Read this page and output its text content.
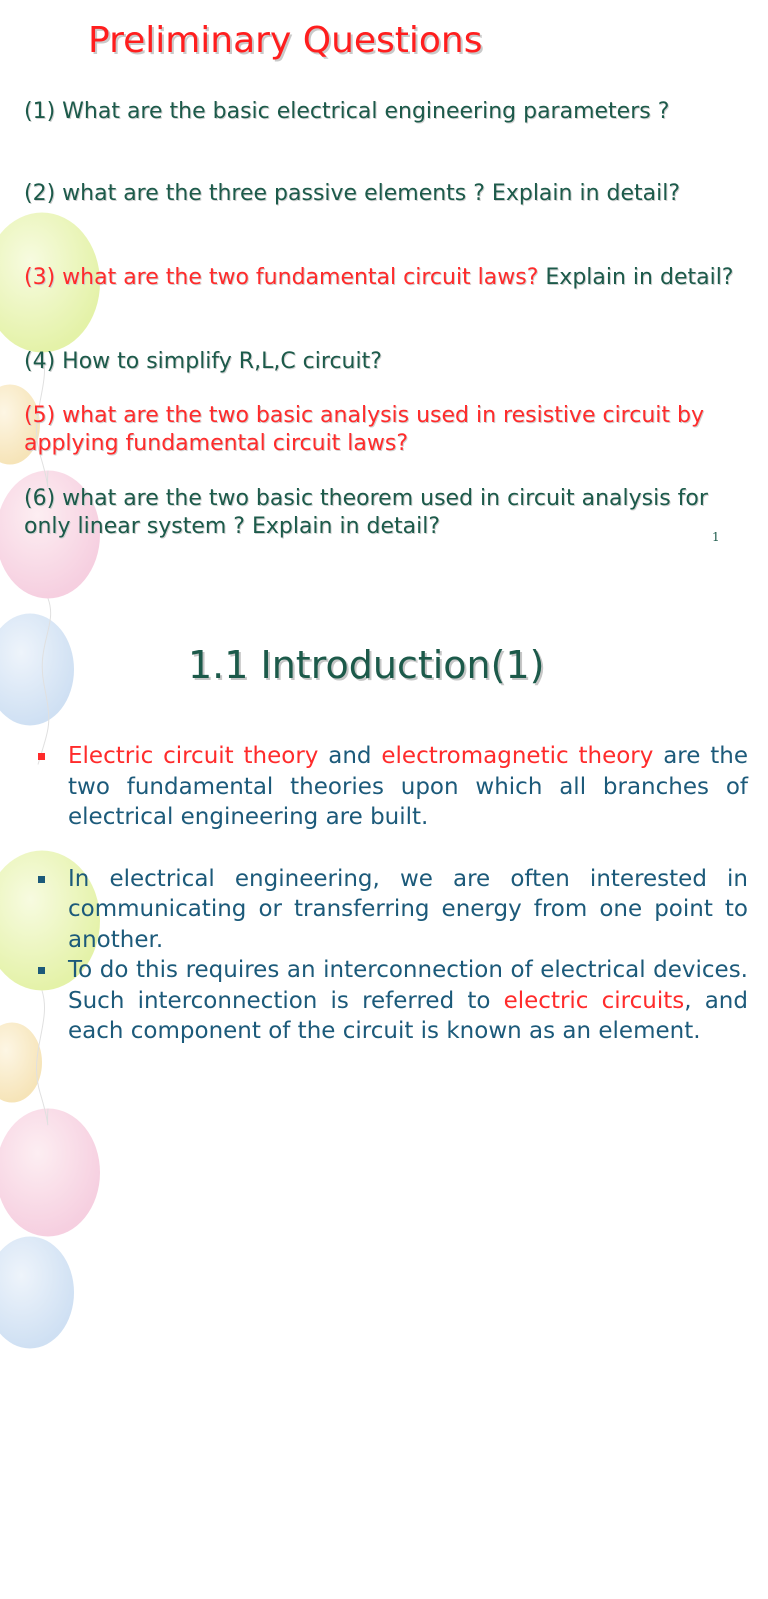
Preliminary Questions

(1) What are the basic electrical engineering parameters ?

(2) what are the three passive elements ? Explain in detail?

(3) what are the two fundamental circuit laws? Explain in detail?

(4) How to simplify R,L,C circuit?

(5) what are the two basic analysis used in resistive circuit by applying fundamental circuit laws?

(6) what are the two basic theorem used in circuit analysis for only linear system ? Explain in detail?	1
1.1 Introduction(1)
Electric circuit theory and electromagnetic theory are the two fundamental theories upon which all branches of electrical engineering are built.
In electrical engineering, we are often interested in communicating or transferring energy from one point to another.
To do this requires an interconnection of electrical devices. Such interconnection is referred to electric circuits, and each component of the circuit is known as an element.
